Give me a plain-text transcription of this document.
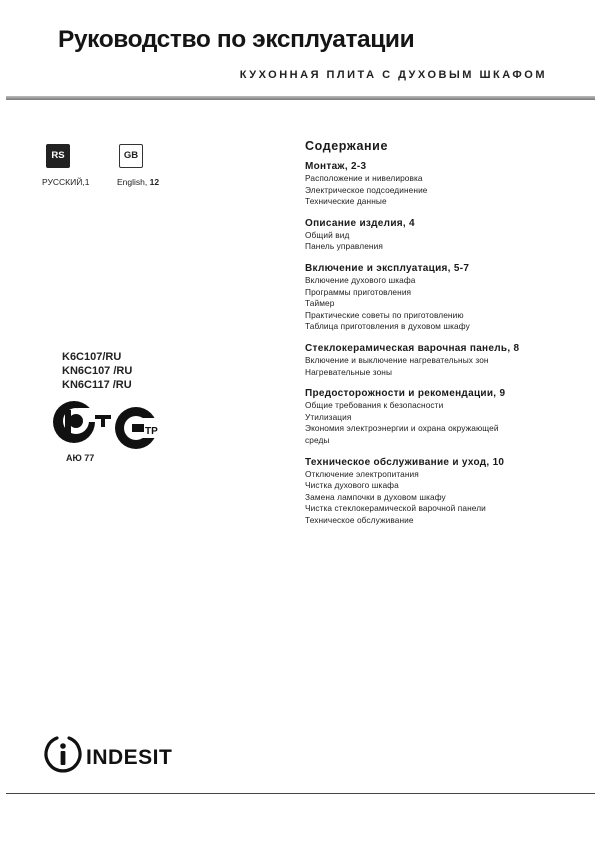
Руководство по эксплуатации
КУХОННАЯ ПЛИТА С ДУХОВЫМ ШКАФОМ
RS	GB
РУССКИЙ,1	English, 12
K6C107/RU
KN6C107 /RU
KN6C117 /RU
ТР
АЮ 77
Содержание
Монтаж, 2-3
Расположение и нивелировка
Электрическое подсоединение
Технические данные
Описание изделия, 4
Общий вид
Панель управления
Включение и эксплуатация, 5-7
Включение духового шкафа
Программы приготовления
Таймер
Практические советы по приготовлению
Таблица приготовления в духовом шкафу
Стеклокерамическая варочная панель, 8
Включение и выключение нагревательных зон
Нагревательные зоны
Предосторожности и рекомендации, 9
Общие требования к безопасности
Утилизация
Экономия электроэнергии и охрана окружающей
среды
Техническое обслуживание и уход, 10
Отключение электропитания
Чистка духового шкафа
Замена лампочки в духовом шкафу
Чистка стеклокерамической варочной панели
Техническое обслуживание
INDESIT
